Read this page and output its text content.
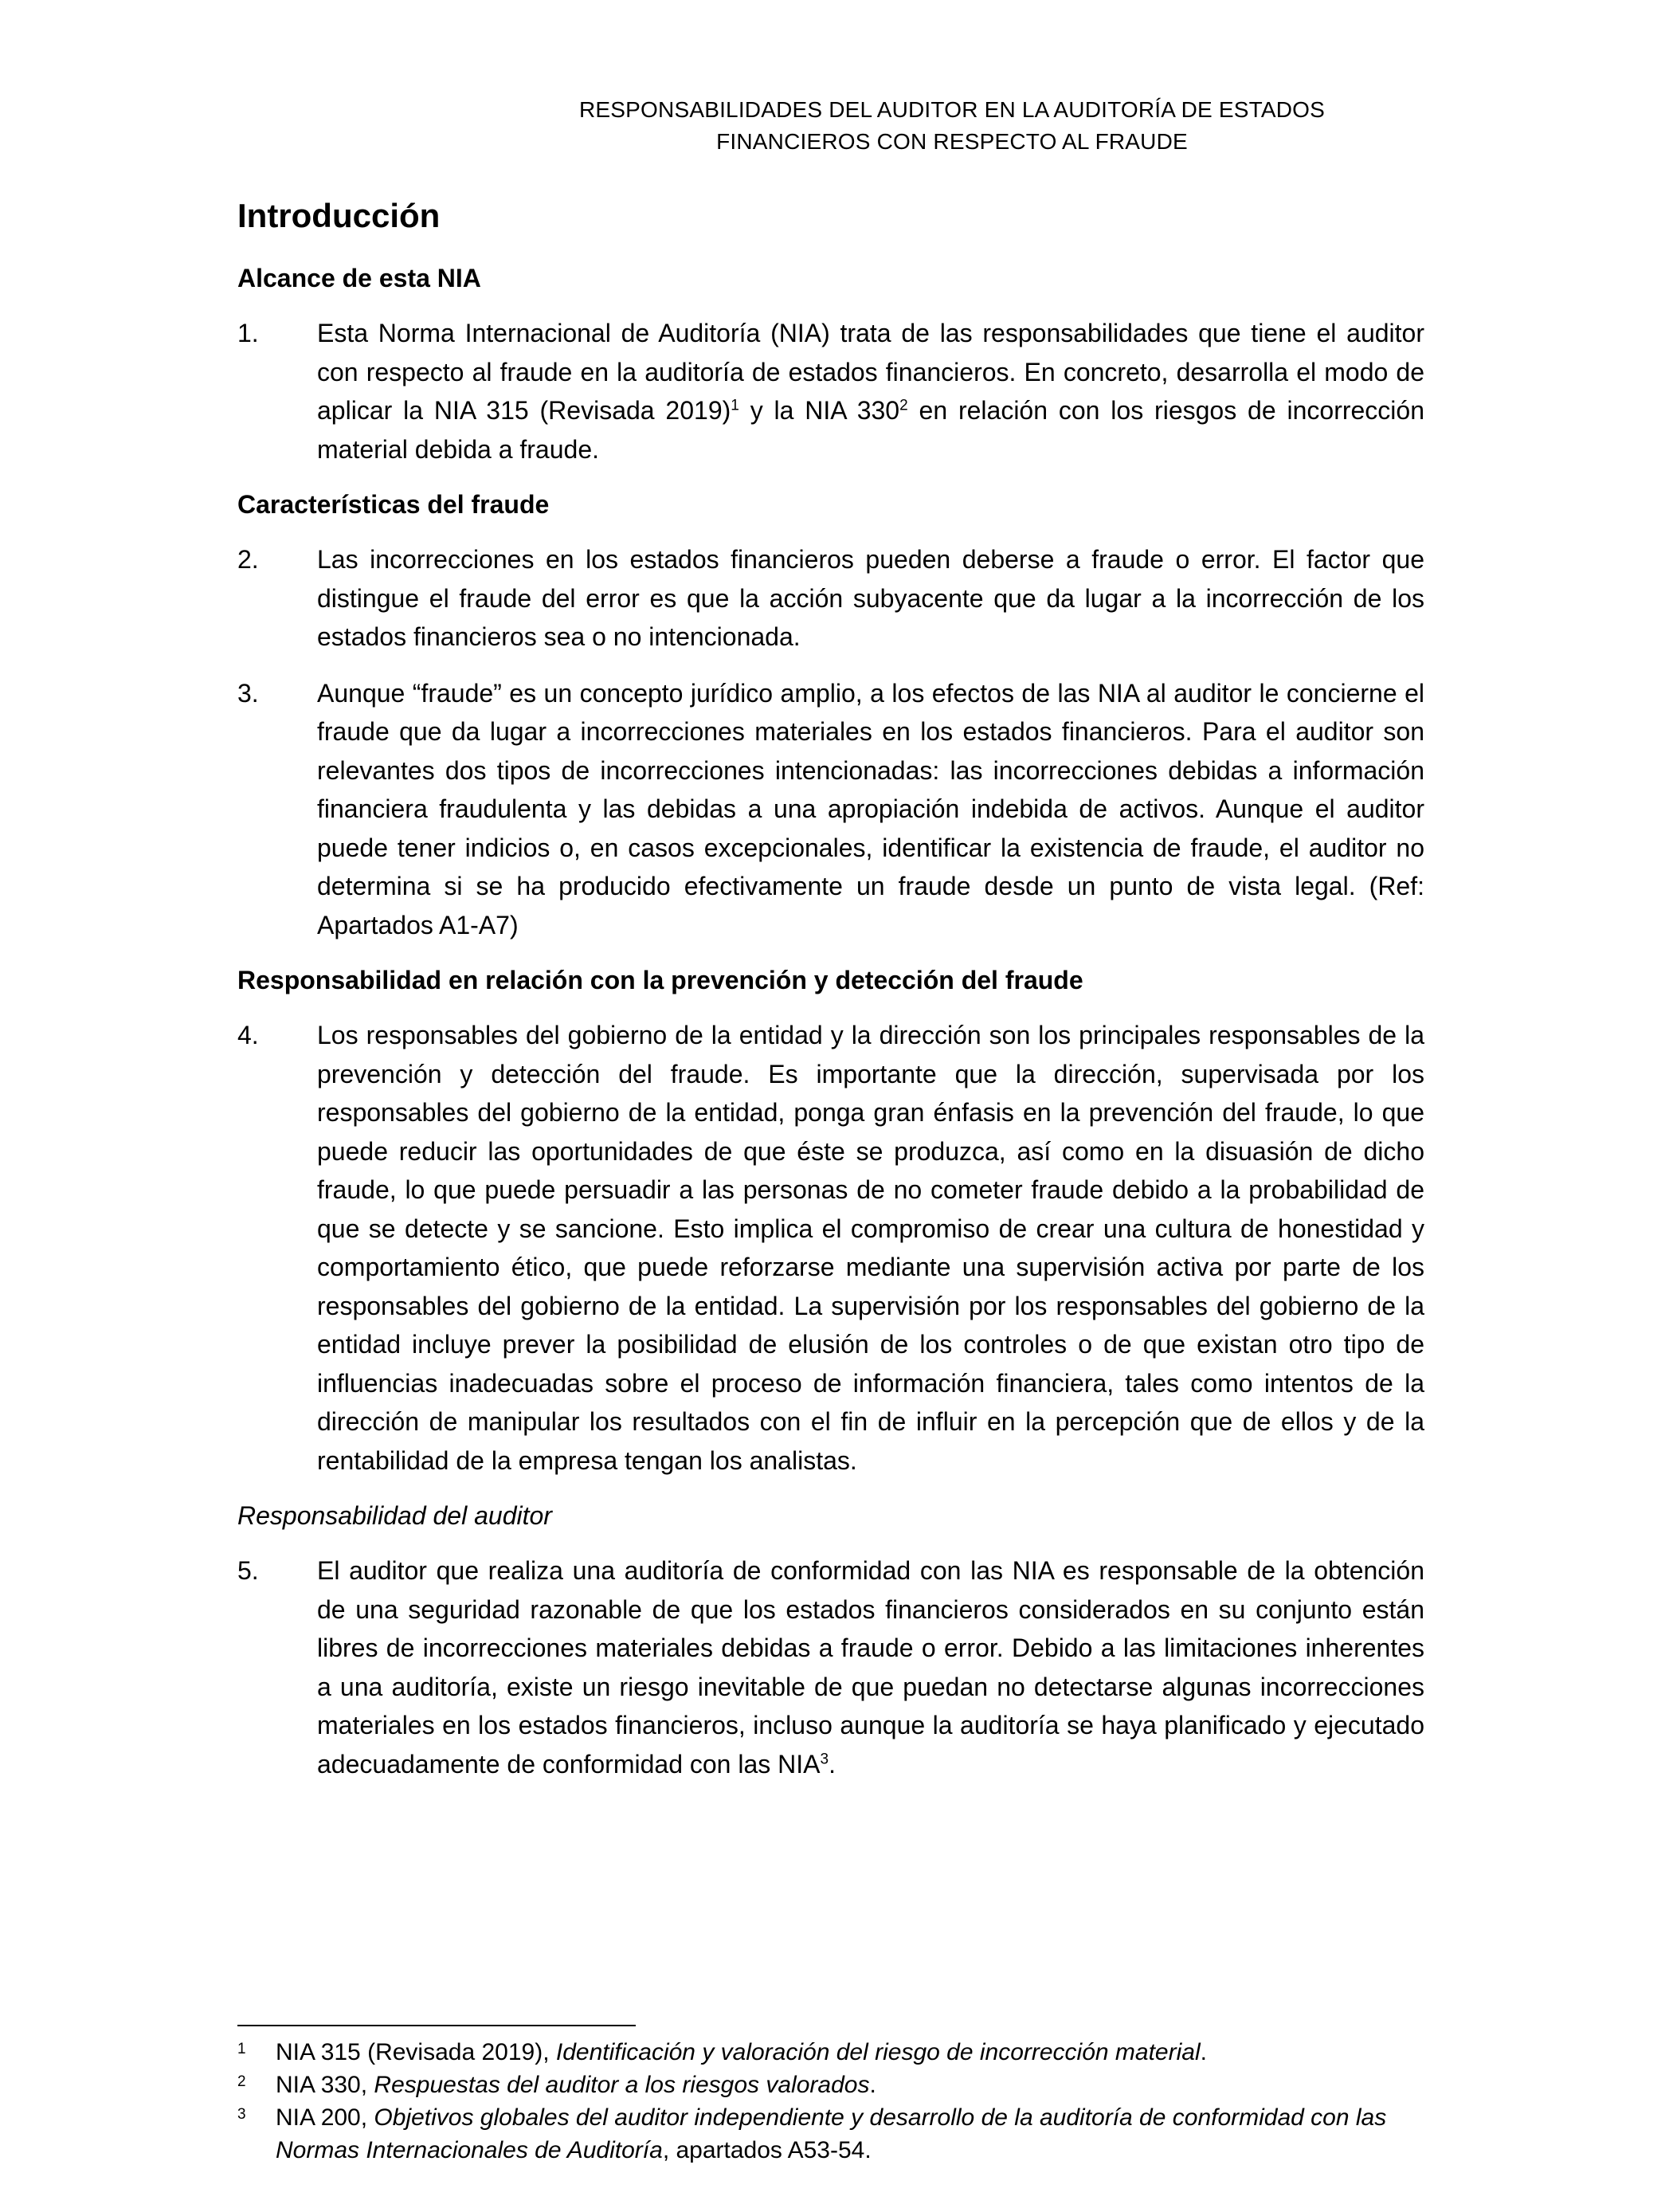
RESPONSABILIDADES DEL AUDITOR EN LA AUDITORÍA DE ESTADOS
FINANCIEROS CON RESPECTO AL FRAUDE
Introducción
Alcance de esta NIA

1. Esta Norma Internacional de Auditoría (NIA) trata de las responsabilidades que tiene el auditor con respecto al fraude en la auditoría de estados financieros. En concreto, desarrolla el modo de aplicar la NIA 315 (Revisada 2019)$^1$ y la NIA $330^2$ en relación con los riesgos de incorrección material debida a fraude.

Características del fraude

2. Las incorrecciones en los estados financieros pueden deberse a fraude o error. El factor que distingue el fraude del error es que la acción subyacente que da lugar a la incorrección de los estados financieros sea o no intencionada.

3. Aunque “fraude” es un concepto jurídico amplio, a los efectos de las NIA al auditor le concierne el fraude que da lugar a incorrecciones materiales en los estados financieros. Para el auditor son relevantes dos tipos de incorrecciones intencionadas: las incorrecciones debidas a información financiera fraudulenta y las debidas a una apropiación indebida de activos. Aunque el auditor puede tener indicios o, en casos excepcionales, identificar la existencia de fraude, el auditor no determina si se ha producido efectivamente un fraude desde un punto de vista legal. (Ref: Apartados A1-A7)

Responsabilidad en relación con la prevención y detección del fraude

4. Los responsables del gobierno de la entidad y la dirección son los principales responsables de la prevención y detección del fraude. Es importante que la dirección, supervisada por los responsables del gobierno de la entidad, ponga gran énfasis en la prevención del fraude, lo que puede reducir las oportunidades de que éste se produzca, así como en la disuasión de dicho fraude, lo que puede persuadir a las personas de no cometer fraude debido a la probabilidad de que se detecte y se sancione. Esto implica el compromiso de crear una cultura de honestidad y comportamiento ético, que puede reforzarse mediante una supervisión activa por parte de los responsables del gobierno de la entidad. La supervisión por los responsables del gobierno de la entidad incluye prever la posibilidad de elusión de los controles o de que existan otro tipo de influencias inadecuadas sobre el proceso de información financiera, tales como intentos de la dirección de manipular los resultados con el fin de influir en la percepción que de ellos y de la rentabilidad de la empresa tengan los analistas.

Responsabilidad del auditor

5. El auditor que realiza una auditoría de conformidad con las NIA es responsable de la obtención de una seguridad razonable de que los estados financieros considerados en su conjunto están libres de incorrecciones materiales debidas a fraude o error. Debido a las limitaciones inherentes a una auditoría, existe un riesgo inevitable de que puedan no detectarse algunas incorrecciones materiales en los estados financieros, incluso aunque la auditoría se haya planificado y ejecutado adecuadamente de conformidad con las NIA$^3$.

1 NIA 315 (Revisada 2019), Identificación y valoración del riesgo de incorrección material.

2 NIA 330, Respuestas del auditor a los riesgos valorados.

3 NIA 200, Objetivos globales del auditor independiente y desarrollo de la auditoría de conformidad con las Normas Internacionales de Auditoría, apartados A53-54.
